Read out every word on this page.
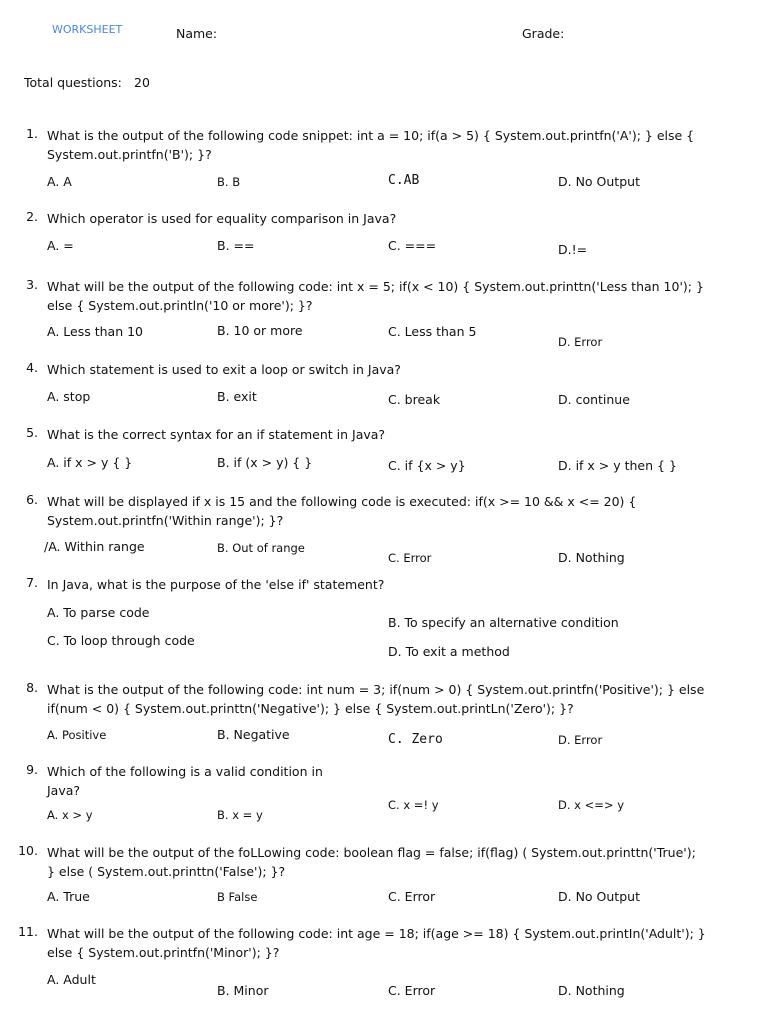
WORKSHEET	Name:	Grade:
Total questions: 20
1. What is the output of the following code snippet: int a = 10; if(a > 5) { System.out.printfn('A'); } else { System.out.printfn('B'); }?
A. A	B. B	C.AB	D. No Output
2. Which operator is used for equality comparison in Java?
A. =	B. ==	C. ===	D.!=
3. What will be the output of the following code: int x = 5; if(x < 10) { System.out.printtn('Less than 10'); } else { System.out.println('10 or more'); }?
A. Less than 10	B. 10 or more	C. Less than 5
D. Error
4. Which statement is used to exit a loop or switch in Java?
A. stop	B. exit	C. break	D. continue
5. What is the correct syntax for an if statement in Java?
A. if x > y { }	B. if (x > y) { }	C. if {x > y}	D. if x > y then { }
6. What will be displayed if x is 15 and the following code is executed: if(x >= 10 && x <= 20) { System.out.printfn('Within range'); }?
/A. Within range	B. Out of range
C. Error	D. Nothing
7. In Java, what is the purpose of the 'else if' statement?
A. To parse code
B. To specify an alternative condition
C. To loop through code
D. To exit a method
8. What is the output of the following code: int num = 3; if(num > 0) { System.out.printfn('Positive'); } else if(num < 0) { System.out.printtn('Negative'); } else { System.out.printLn('Zero'); }?
A. Positive	B. Negative	C. Zero	D. Error
9. Which of the following is a valid condition in Java?
A. x > y	B. x = y
C. x =! y	D. x <=> y
10. What will be the output of the foLLowing code: boolean flag = false; if(flag) ( System.out.printtn('True'); } else ( System.out.printtn('False'); }?
A. True	B False	C. Error	D. No Output
11. What will be the output of the following code: int age = 18; if(age >= 18) { System.out.printIn('Adult'); } else { System.out.printfn('Minor'); }?
A. Adult
B. Minor	C. Error	D. Nothing
